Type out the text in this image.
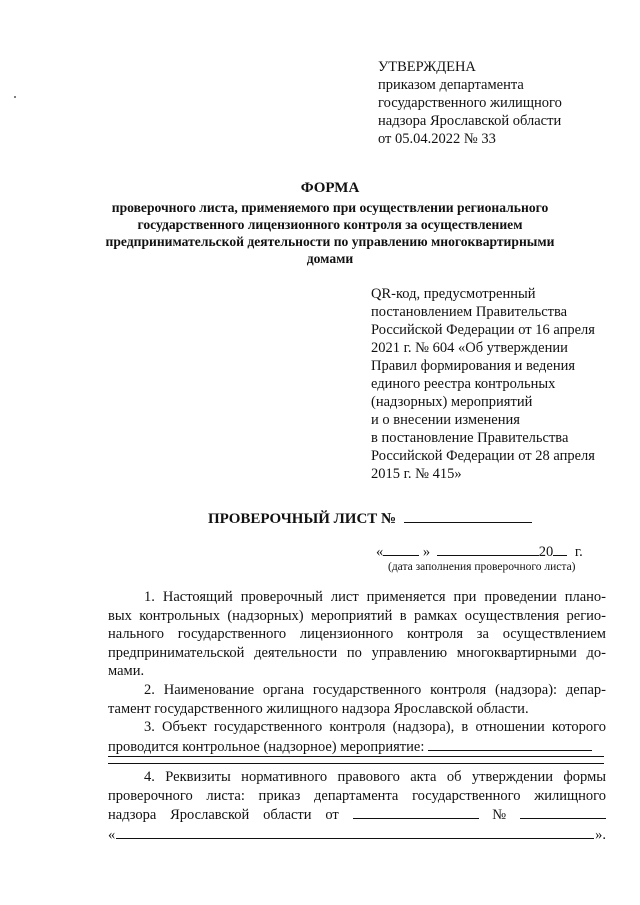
УТВЕРЖДЕНА
приказом департамента
государственного жилищного
надзора Ярославской области
от 05.04.2022 № 33
ФОРМА
проверочного листа, применяемого при осуществлении регионального
государственного лицензионного контроля за осуществлением
предпринимательской деятельности по управлению многоквартирными
домами
QR-код, предусмотренный
постановлением Правительства
Российской Федерации от 16 апреля
2021 г. № 604 «Об утверждении
Правил формирования и ведения
единого реестра контрольных
(надзорных) мероприятий
и о внесении изменения
в постановление Правительства
Российской Федерации от 28 апреля
2015 г. № 415»
ПРОВЕРОЧНЫЙ ЛИСТ №
«	»	20 г.
(дата заполнения проверочного листа)
1. Настоящий проверочный лист применяется при проведении плано-
вых контрольных (надзорных) мероприятий в рамках осуществления регио-
нального государственного лицензионного контроля за осуществлением
предпринимательской деятельности по управлению многоквартирными до-
мами.
2. Наименование органа государственного контроля (надзора): депар-
тамент государственного жилищного надзора Ярославской области.
3. Объект государственного контроля (надзора), в отношении которого
проводится контрольное (надзорное) мероприятие:
4. Реквизиты нормативного правового акта об утверждении формы
проверочного листа: приказ департамента государственного жилищного
надзора Ярославской области от	№
«	».
